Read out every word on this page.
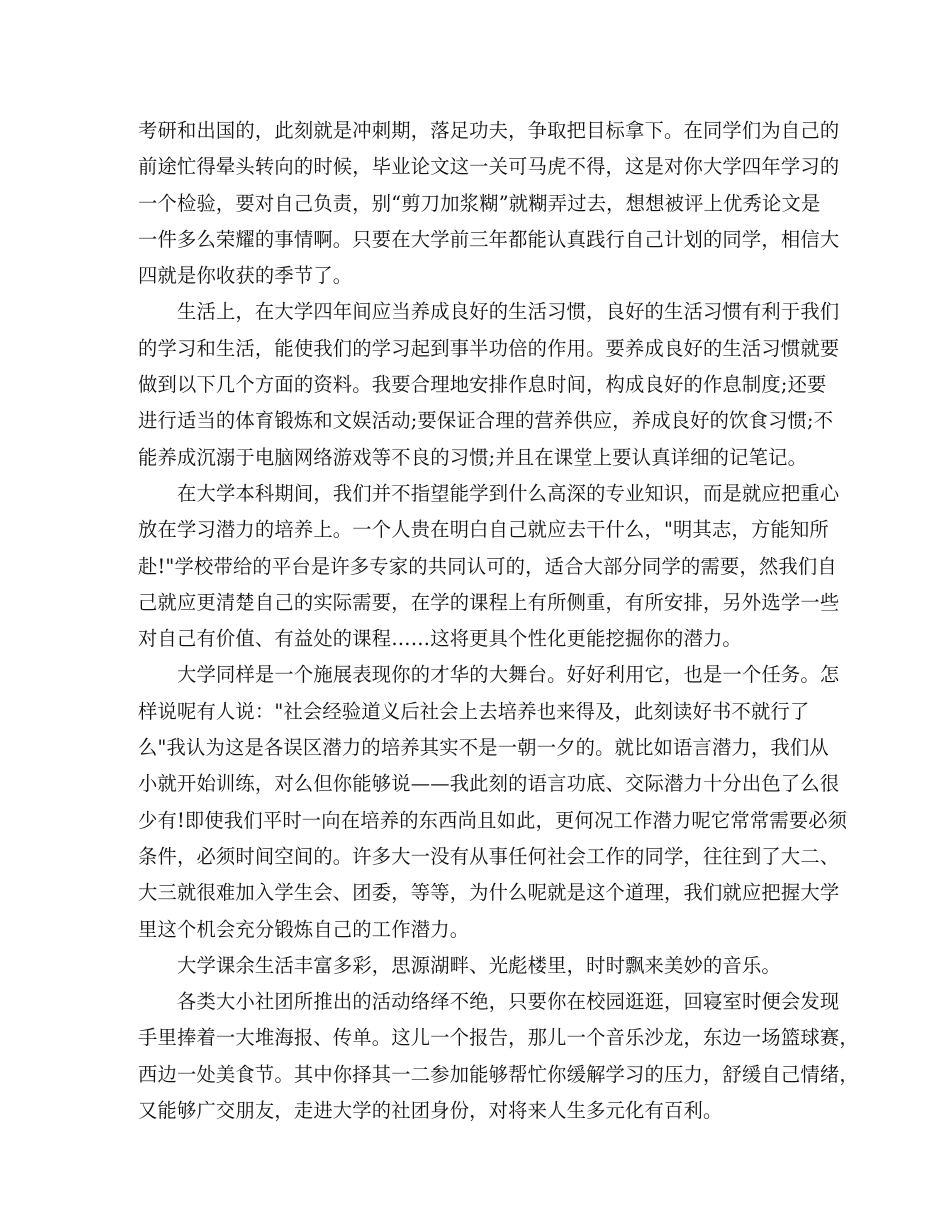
考研和出国的，此刻就是冲刺期，落足功夫，争取把目标拿下。在同学们为自己的
前途忙得晕头转向的时候，毕业论文这一关可马虎不得，这是对你大学四年学习的
一个检验，要对自己负责，别“剪刀加浆糊”就糊弄过去，想想被评上优秀论文是
一件多么荣耀的事情啊。只要在大学前三年都能认真践行自己计划的同学，相信大
四就是你收获的季节了。
生活上，在大学四年间应当养成良好的生活习惯，良好的生活习惯有利于我们
的学习和生活，能使我们的学习起到事半功倍的作用。要养成良好的生活习惯就要
做到以下几个方面的资料。我要合理地安排作息时间，构成良好的作息制度;还要
进行适当的体育锻炼和文娱活动;要保证合理的营养供应，养成良好的饮食习惯;不
能养成沉溺于电脑网络游戏等不良的习惯;并且在课堂上要认真详细的记笔记。
在大学本科期间，我们并不指望能学到什么高深的专业知识，而是就应把重心
放在学习潜力的培养上。一个人贵在明白自己就应去干什么，"明其志，方能知所
赴!"学校带给的平台是许多专家的共同认可的，适合大部分同学的需要，然我们自
己就应更清楚自己的实际需要，在学的课程上有所侧重，有所安排，另外选学一些
对自己有价值、有益处的课程……这将更具个性化更能挖掘你的潜力。
大学同样是一个施展表现你的才华的大舞台。好好利用它，也是一个任务。怎
样说呢有人说："社会经验道义后社会上去培养也来得及，此刻读好书不就行了
么"我认为这是各误区潜力的培养其实不是一朝一夕的。就比如语言潜力，我们从
小就开始训练，对么但你能够说——我此刻的语言功底、交际潜力十分出色了么很
少有!即使我们平时一向在培养的东西尚且如此，更何况工作潜力呢它常常需要必须
条件，必须时间空间的。许多大一没有从事任何社会工作的同学，往往到了大二、
大三就很难加入学生会、团委，等等，为什么呢就是这个道理，我们就应把握大学
里这个机会充分锻炼自己的工作潜力。
大学课余生活丰富多彩，思源湖畔、光彪楼里，时时飘来美妙的音乐。
各类大小社团所推出的活动络绎不绝，只要你在校园逛逛，回寝室时便会发现
手里捧着一大堆海报、传单。这儿一个报告，那儿一个音乐沙龙，东边一场篮球赛，
西边一处美食节。其中你择其一二参加能够帮忙你缓解学习的压力，舒缓自己情绪，
又能够广交朋友，走进大学的社团身份，对将来人生多元化有百利。
